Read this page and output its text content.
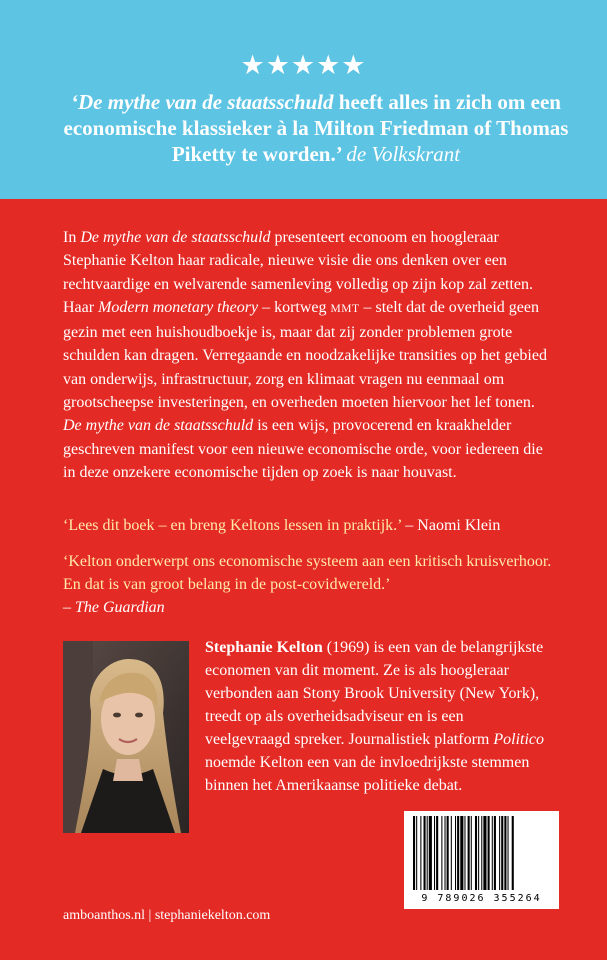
★★★★★
‘De mythe van de staatsschuld heeft alles in zich om een economische klassieker à la Milton Friedman of Thomas Piketty te worden.’ de Volkskrant
In De mythe van de staatsschuld presenteert econoom en hoogleraar Stephanie Kelton haar radicale, nieuwe visie die ons denken over een rechtvaardige en welvarende samenleving volledig op zijn kop zal zetten. Haar Modern monetary theory – kortweg MMT – stelt dat de overheid geen gezin met een huishoudboekje is, maar dat zij zonder problemen grote schulden kan dragen. Verregaande en noodzakelijke transities op het gebied van onderwijs, infrastructuur, zorg en klimaat vragen nu eenmaal om grootscheepse investeringen, en overheden moeten hiervoor het lef tonen. De mythe van de staatsschuld is een wijs, provocerend en kraakhelder geschreven manifest voor een nieuwe economische orde, voor iedereen die in deze onzekere economische tijden op zoek is naar houvast.
‘Lees dit boek – en breng Keltons lessen in praktijk.’ – Naomi Klein
‘Kelton onderwerpt ons economische systeem aan een kritisch kruisverhoor. En dat is van groot belang in de post-covidwereld.’
– The Guardian
Stephanie Kelton (1969) is een van de belangrijkste economen van dit moment. Ze is als hoogleraar verbonden aan Stony Brook University (New York), treedt op als overheidsadviseur en is een veelgevraagd spreker. Journalistiek platform Politico noemde Kelton een van de invloedrijkste stemmen binnen het Amerikaanse politieke debat.
amboanthos.nl | stephaniekelton.com
9 789026 355264
